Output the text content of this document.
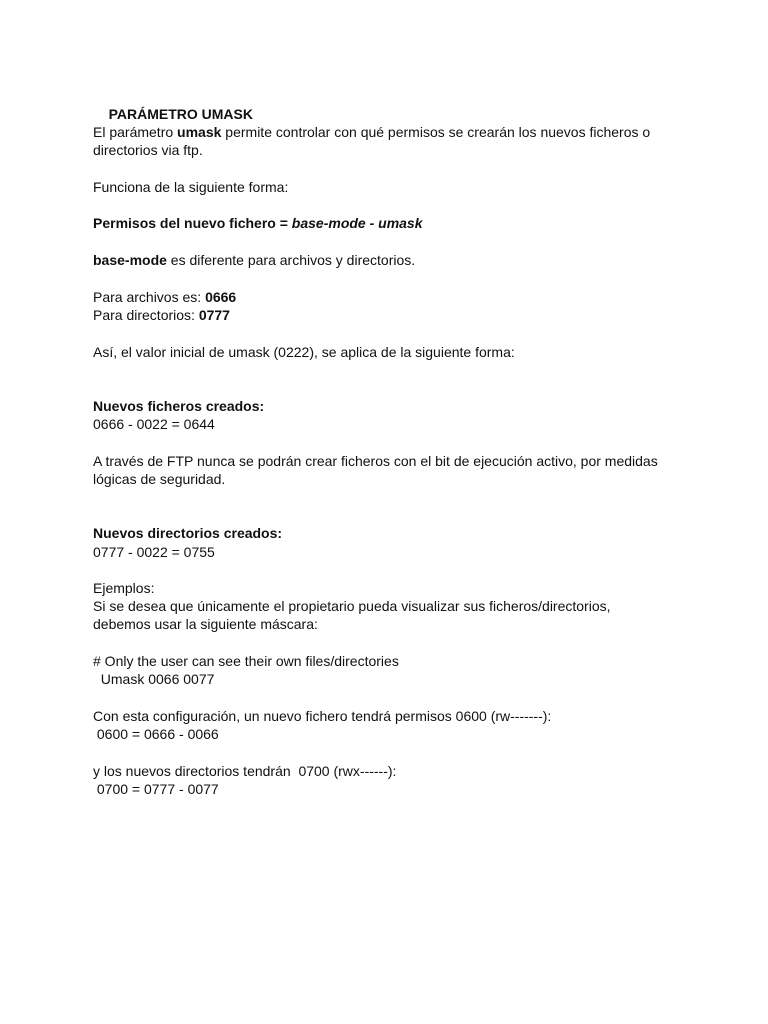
PARÁMETRO UMASK

El parámetro umask permite controlar con qué permisos se crearán los nuevos ficheros o
directorios via ftp.
Funciona de la siguiente forma:
Permisos del nuevo fichero = base-mode - umask
base-mode es diferente para archivos y directorios.
Para archivos es: 0666
Para directorios: 0777
Así, el valor inicial de umask (0222), se aplica de la siguiente forma:
Nuevos ficheros creados:
0666 - 0022 = 0644
A través de FTP nunca se podrán crear ficheros con el bit de ejecución activo, por medidas
lógicas de seguridad.
Nuevos directorios creados:
0777 - 0022 = 0755
Ejemplos:
Si se desea que únicamente el propietario pueda visualizar sus ficheros/directorios,
debemos usar la siguiente máscara:
# Only the user can see their own files/directories
Umask 0066 0077
Con esta configuración, un nuevo fichero tendrá permisos 0600 (rw-------):
0600 = 0666 - 0066
y los nuevos directorios tendrán  0700 (rwx------):
0700 = 0777 - 0077
